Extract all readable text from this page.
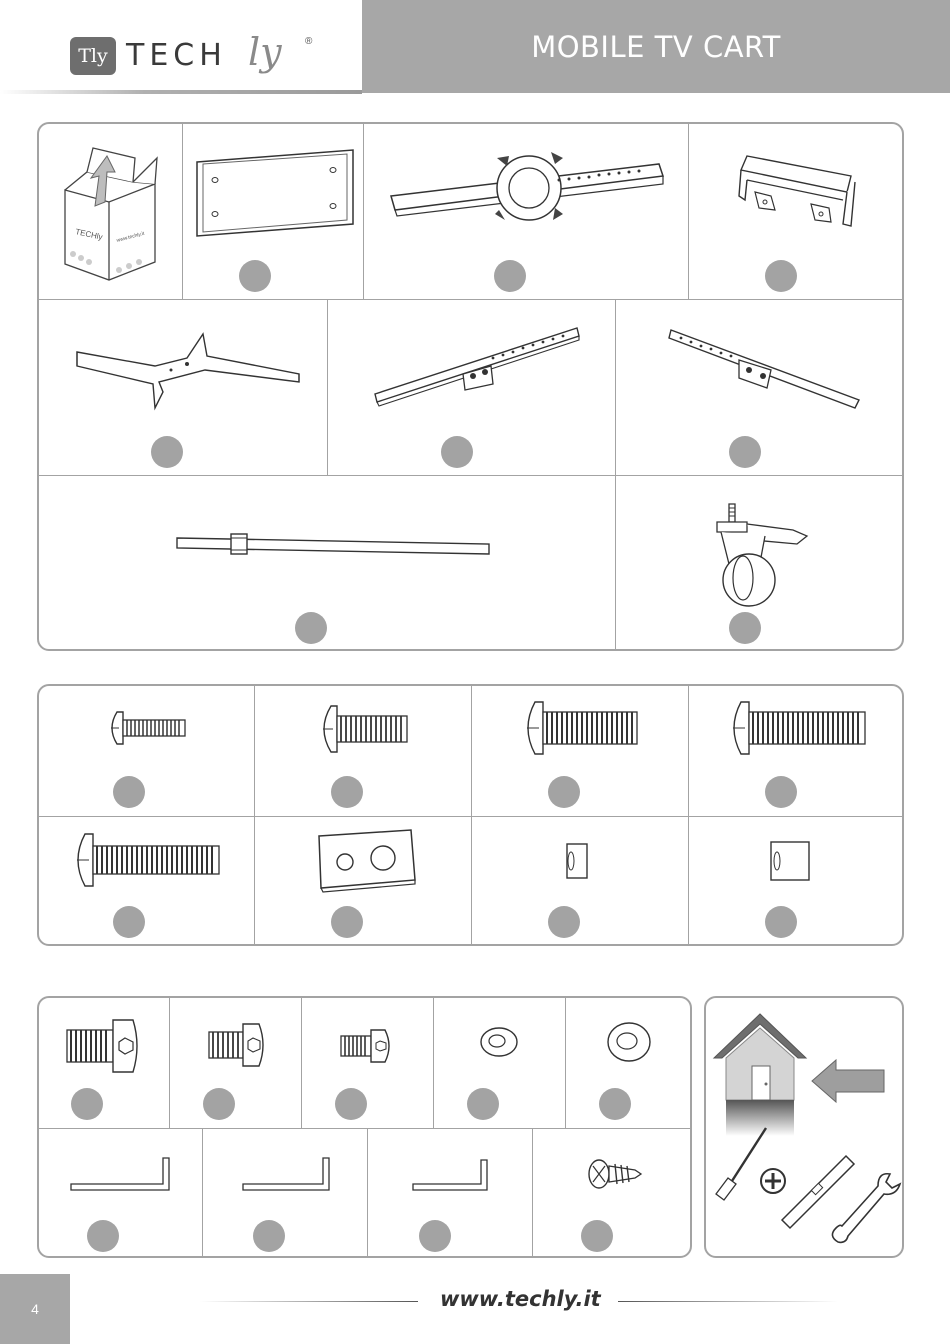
MOBILE TV CART
Tly TECH ly ®
TECHly	www.techly.it
4	www.techly.it
